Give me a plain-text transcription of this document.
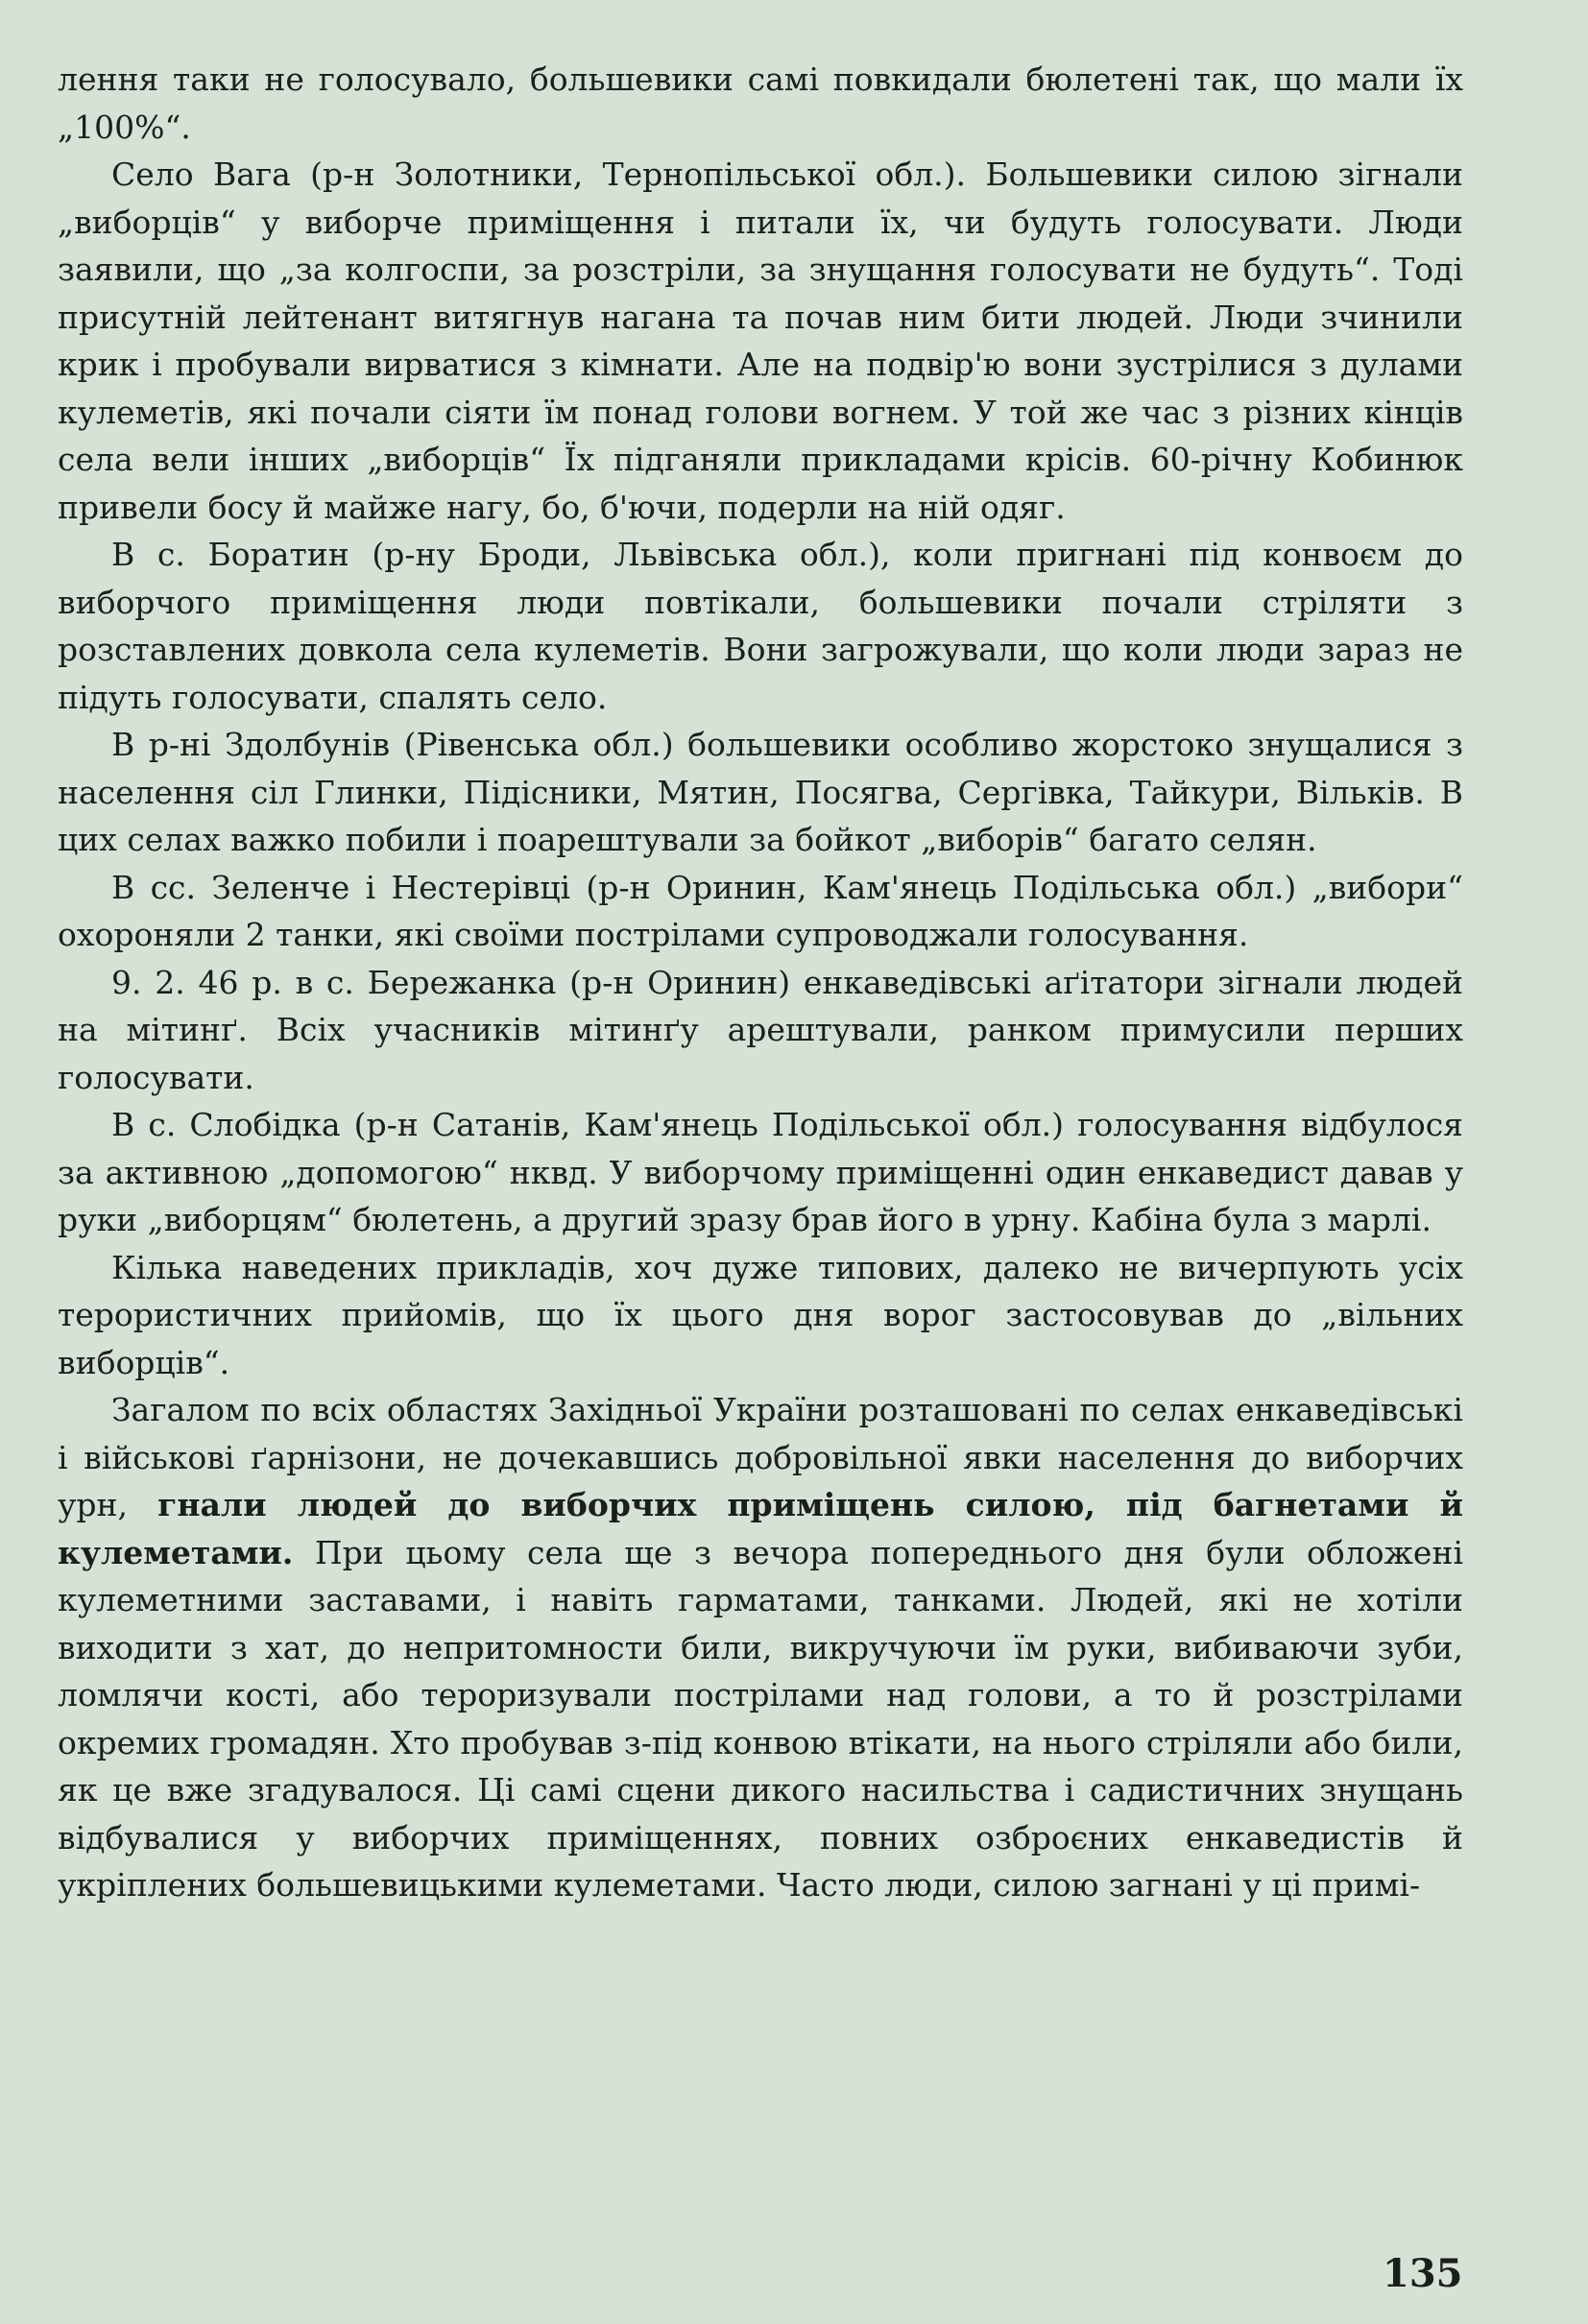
лення таки не голосувало, большевики самі повкидали бюлетені так, що мали їх „100%“.

Село Вага (р-н Золотники, Тернопільської обл.). Большевики силою зігнали „виборців“ у виборче приміщення і питали їх, чи будуть голосувати. Люди заявили, що „за колгоспи, за розстріли, за знущання голосувати не будуть“. Тоді присутній лейтенант витягнув нагана та почав ним бити людей. Люди зчинили крик і пробували вирватися з кімнати. Але на подвір'ю вони зустрілися з дулами кулеметів, які почали сіяти їм понад голови вогнем. У той же час з різних кінців села вели інших „виборців“ Їх підганяли прикладами крісів. 60-річну Кобинюк привели босу й майже нагу, бо, б'ючи, подерли на ній одяг.

В с. Боратин (р-ну Броди, Львівська обл.), коли пригнані під конвоєм до виборчого приміщення люди повтікали, большевики почали стріляти з розставлених довкола села кулеметів. Вони загрожували, що коли люди зараз не підуть голосувати, спалять село.

В р-ні Здолбунів (Рівенська обл.) большевики особливо жорстоко знущалися з населення сіл Глинки, Підісники, Мятин, Посягва, Сергівка, Тайкури, Вільків. В цих селах важко побили і поарештували за бойкот „виборів“ багато селян.

В сс. Зеленче і Нестерівці (р-н Оринин, Кам'янець Подільська обл.) „вибори“ охороняли 2 танки, які своїми пострілами супроводжали голосування.

9. 2. 46 р. в с. Бережанка (р-н Оринин) енкаведівські аґітатори зігнали людей на мітинґ. Всіх учасників мітинґу арештували, ранком примусили перших голосувати.

В с. Слобідка (р-н Сатанів, Кам'янець Подільської обл.) голосування відбулося за активною „допомогою“ нквд. У виборчому приміщенні один енкаведист давав у руки „виборцям“ бюлетень, а другий зразу брав його в урну. Кабіна була з марлі.

Кілька наведених прикладів, хоч дуже типових, далеко не вичерпують усіх терористичних прийомів, що їх цього дня ворог застосовував до „вільних виборців“.

Загалом по всіх областях Західньої України розташовані по селах енкаведівські і військові ґарнізони, не дочекавшись добровільної явки населення до виборчих урн, гнали людей до виборчих приміщень силою, під багнетами й кулеметами. При цьому села ще з вечора попереднього дня були обложені кулеметними заставами, і навіть гарматами, танками. Людей, які не хотіли виходити з хат, до непритомности били, викручуючи їм руки, вибиваючи зуби, ломлячи кості, або тероризували пострілами над голови, а то й розстрілами окремих громадян. Хто пробував з-під конвою втікати, на нього стріляли або били, як це вже згадувалося. Ці самі сцени дикого насильства і садистичних знущань відбувалися у виборчих приміщеннях, повних озброєних енкаведистів й укріплених большевицькими кулеметами. Часто люди, силою загнані у ці примі-

135
